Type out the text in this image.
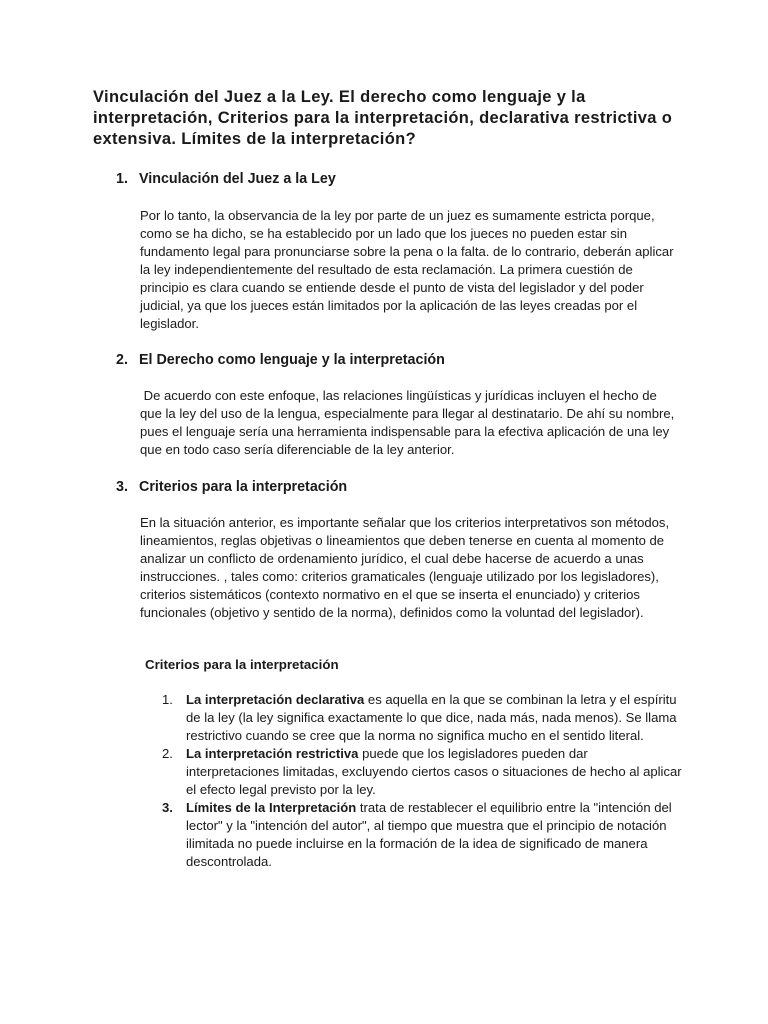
Vinculación del Juez a la Ley. El derecho como lenguaje y la interpretación, Criterios para la interpretación, declarativa restrictiva o extensiva. Límites de la interpretación?
1. Vinculación del Juez a la Ley

Por lo tanto, la observancia de la ley por parte de un juez es sumamente estricta porque, como se ha dicho, se ha establecido por un lado que los jueces no pueden estar sin fundamento legal para pronunciarse sobre la pena o la falta. de lo contrario, deberán aplicar la ley independientemente del resultado de esta reclamación. La primera cuestión de principio es clara cuando se entiende desde el punto de vista del legislador y del poder judicial, ya que los jueces están limitados por la aplicación de las leyes creadas por el legislador.

2. El Derecho como lenguaje y la interpretación

De acuerdo con este enfoque, las relaciones lingüísticas y jurídicas incluyen el hecho de que la ley del uso de la lengua, especialmente para llegar al destinatario. De ahí su nombre, pues el lenguaje sería una herramienta indispensable para la efectiva aplicación de una ley que en todo caso sería diferenciable de la ley anterior.

3. Criterios para la interpretación

En la situación anterior, es importante señalar que los criterios interpretativos son métodos, lineamientos, reglas objetivas o lineamientos que deben tenerse en cuenta al momento de analizar un conflicto de ordenamiento jurídico, el cual debe hacerse de acuerdo a unas instrucciones. , tales como: criterios gramaticales (lenguaje utilizado por los legisladores), criterios sistemáticos (contexto normativo en el que se inserta el enunciado) y criterios funcionales (objetivo y sentido de la norma), definidos como la voluntad del legislador).

Criterios para la interpretación
1. La interpretación declarativa es aquella en la que se combinan la letra y el espíritu de la ley (la ley significa exactamente lo que dice, nada más, nada menos). Se llama restrictivo cuando se cree que la norma no significa mucho en el sentido literal.
2. La interpretación restrictiva puede que los legisladores pueden dar interpretaciones limitadas, excluyendo ciertos casos o situaciones de hecho al aplicar el efecto legal previsto por la ley.
3. Límites de la Interpretación trata de restablecer el equilibrio entre la "intención del lector" y la "intención del autor", al tiempo que muestra que el principio de notación ilimitada no puede incluirse en la formación de la idea de significado de manera descontrolada.
